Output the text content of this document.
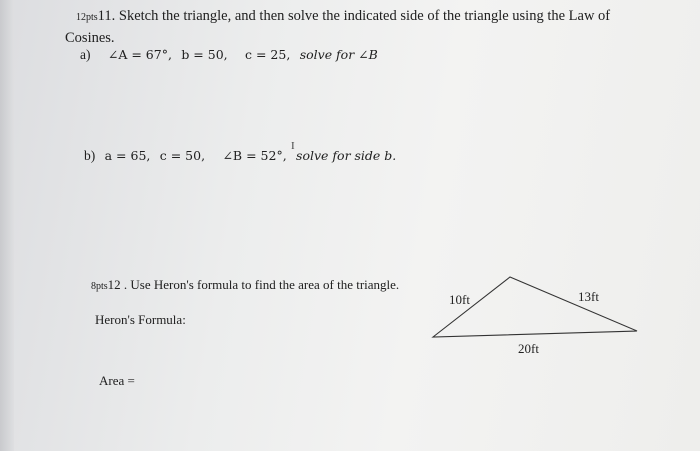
12pts11. Sketch the triangle, and then solve the indicated side of the triangle using the Law of
Cosines.
a) ∠A = 67°, b = 50, c = 25, solve for ∠B
b) a = 65, c = 50, ∠B = 52°, solve for side b.
I
8pts12 . Use Heron's formula to find the area of the triangle.
Heron's Formula:
Area =
10ft	13ft
20ft
